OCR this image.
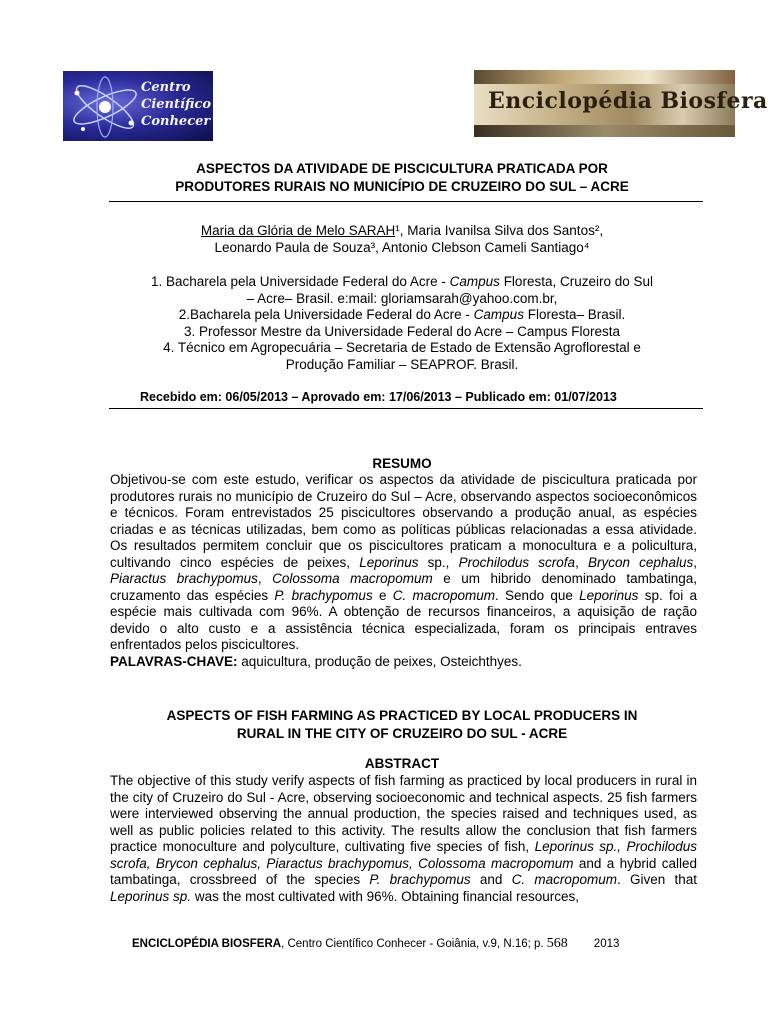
Centro
Científico
Conhecer
Enciclopédia Biosfera
ASPECTOS DA ATIVIDADE DE PISCICULTURA PRATICADA POR
PRODUTORES RURAIS NO MUNICÍPIO DE CRUZEIRO DO SUL – ACRE
Maria da Glória de Melo SARAH¹, Maria Ivanilsa Silva dos Santos²,
Leonardo Paula de Souza³, Antonio Clebson Cameli Santiago⁴
1. Bacharela pela Universidade Federal do Acre - Campus Floresta, Cruzeiro do Sul
– Acre– Brasil. e:mail: gloriamsarah@yahoo.com.br,
2.Bacharela pela Universidade Federal do Acre - Campus Floresta– Brasil.
3. Professor Mestre da Universidade Federal do Acre – Campus Floresta
4. Técnico em Agropecuária – Secretaria de Estado de Extensão Agroflorestal e
Produção Familiar – SEAPROF. Brasil.
Recebido em: 06/05/2013 – Aprovado em: 17/06/2013 – Publicado em: 01/07/2013
RESUMO
Objetivou-se com este estudo, verificar os aspectos da atividade de piscicultura praticada por produtores rurais no município de Cruzeiro do Sul – Acre, observando aspectos socioeconômicos e técnicos. Foram entrevistados 25 piscicultores observando a produção anual, as espécies criadas e as técnicas utilizadas, bem como as políticas públicas relacionadas a essa atividade. Os resultados permitem concluir que os piscicultores praticam a monocultura e a policultura, cultivando cinco espécies de peixes, Leporinus sp., Prochilodus scrofa, Brycon cephalus, Piaractus brachypomus, Colossoma macropomum e um hibrido denominado tambatinga, cruzamento das espécies P. brachypomus e C. macropomum. Sendo que Leporinus sp. foi a espécie mais cultivada com 96%. A obtenção de recursos financeiros, a aquisição de ração devido o alto custo e a assistência técnica especializada, foram os principais entraves enfrentados pelos piscicultores.
PALAVRAS-CHAVE: aquicultura, produção de peixes, Osteichthyes.
ASPECTS OF FISH FARMING AS PRACTICED BY LOCAL PRODUCERS IN
RURAL IN THE CITY OF CRUZEIRO DO SUL - ACRE
ABSTRACT
The objective of this study verify aspects of fish farming as practiced by local producers in rural in the city of Cruzeiro do Sul - Acre, observing socioeconomic and technical aspects. 25 fish farmers were interviewed observing the annual production, the species raised and techniques used, as well as public policies related to this activity. The results allow the conclusion that fish farmers practice monoculture and polyculture, cultivating five species of fish, Leporinus sp., Prochilodus scrofa, Brycon cephalus, Piaractus brachypomus, Colossoma macropomum and a hybrid called tambatinga, crossbreed of the species P. brachypomus and C. macropomum. Given that Leporinus sp. was the most cultivated with 96%. Obtaining financial resources,
ENCICLOPÉDIA BIOSFERA, Centro Científico Conhecer - Goiânia, v.9, N.16; p. 568 2013
